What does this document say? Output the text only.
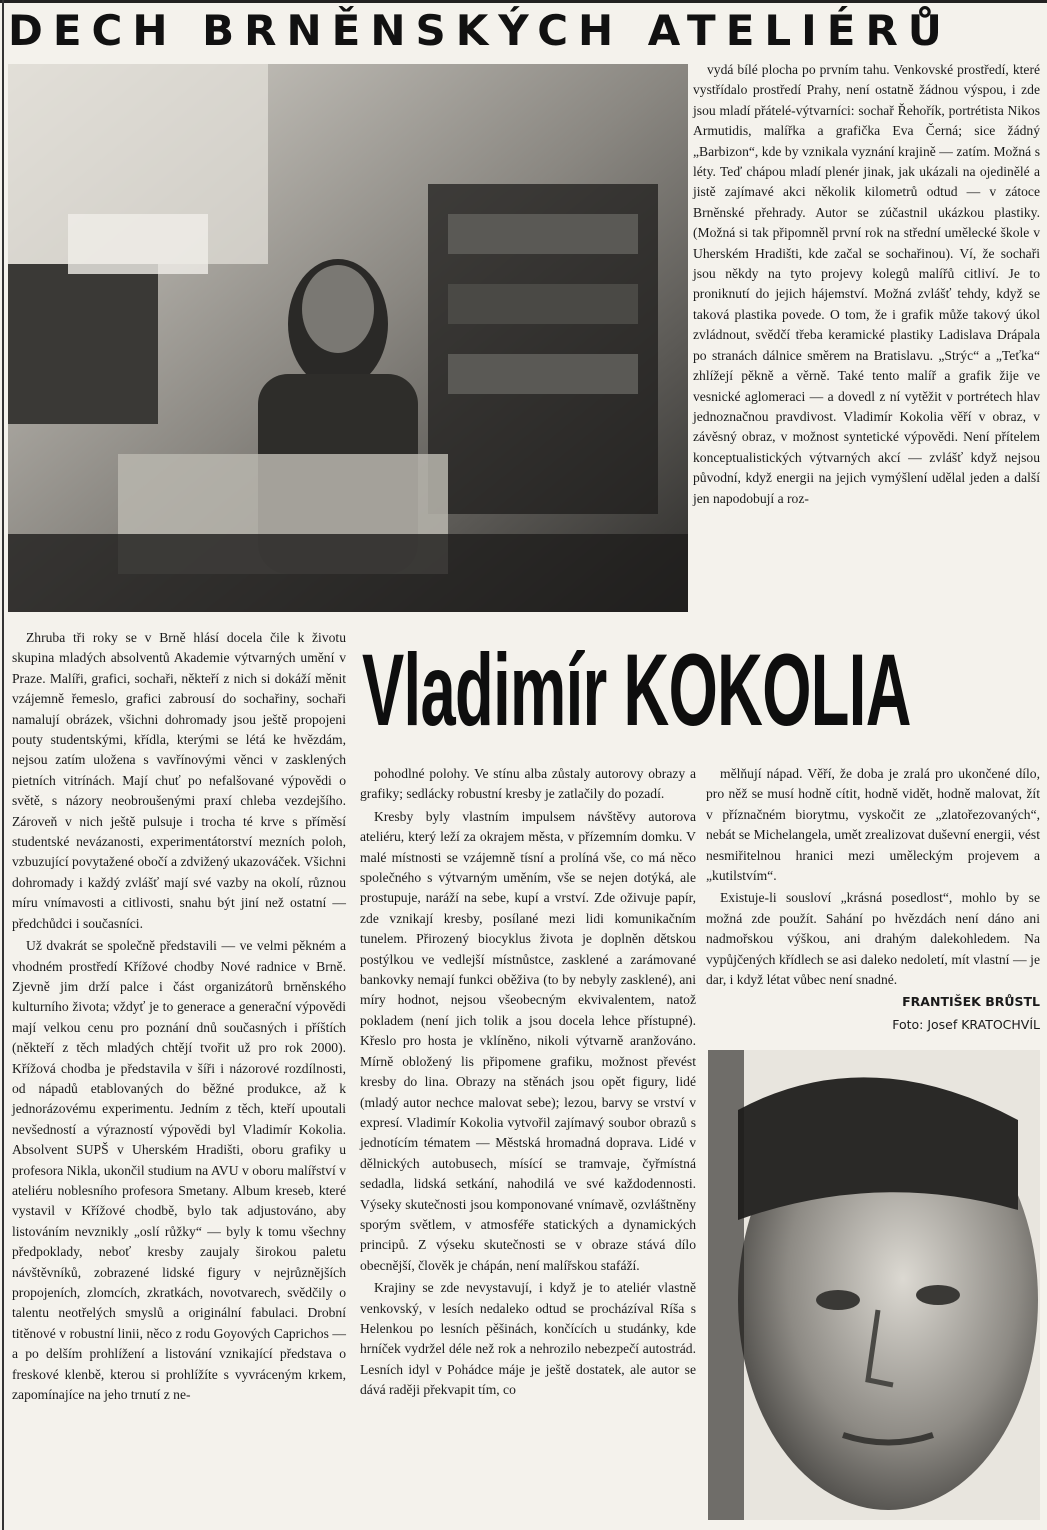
DECH BRNĚNSKÝCH ATELIÉRŮ

vydá bílé plocha po prvním tahu. Venkovské prostředí, které vystřídalo prostředí Prahy, není ostatně žádnou výspou, i zde jsou mladí přátelé-výtvarníci: sochař Řehořík, portrétista Nikos Armutidis, malířka a grafička Eva Černá; sice žádný „Barbizon“, kde by vznikala vyznání krajině — zatím. Možná s léty. Teď chápou mladí plenér jinak, jak ukázali na ojedinělé a jistě zajímavé akci několik kilometrů odtud — v zátoce Brněnské přehrady. Autor se zúčastnil ukázkou plastiky. (Možná si tak připomněl první rok na střední umělecké škole v Uherském Hradišti, kde začal se sochařinou). Ví, že sochaři jsou někdy na tyto projevy kolegů malířů citliví. Je to proniknutí do jejich hájemství. Možná zvlášť tehdy, když se taková plastika povede. O tom, že i grafik může takový úkol zvládnout, svědčí třeba keramické plastiky Ladislava Drápala po stranách dálnice směrem na Bratislavu. „Strýc“ a „Teťka“ zhlížejí pěkně a věrně. Také tento malíř a grafik žije ve vesnické aglomeraci — a dovedl z ní vytěžit v portrétech hlav jednoznačnou pravdivost. Vladimír Kokolia věří v obraz, v závěsný obraz, v možnost syntetické výpovědi. Není přítelem konceptualistických výtvarných akcí — zvlášť když nejsou původní, když energii na jejich vymýšlení udělal jeden a další jen napodobují a roz-

Vladimír KOKOLIA

Zhruba tři roky se v Brně hlásí docela čile k životu skupina mladých absolventů Akademie výtvarných umění v Praze. Malíři, grafici, sochaři, někteří z nich si dokáží měnit vzájemně řemeslo, grafici zabrousí do sochařiny, sochaři namalují obrázek, všichni dohromady jsou ještě propojeni pouty studentskými, křídla, kterými se létá ke hvězdám, nejsou zatím uložena s vavřínovými věnci v zasklených pietních vitrínách. Mají chuť po nefalšované výpovědi o světě, s názory neobroušenými praxí chleba vezdejšího. Zároveň v nich ještě pulsuje i trocha té krve s příměsí studentské nevázanosti, experimentátorství mezních poloh, vzbuzující povytažené obočí a zdvižený ukazováček. Všichni dohromady i každý zvlášť mají své vazby na okolí, různou míru vnímavosti a citlivosti, snahu být jiní než ostatní — předchůdci i současníci.

Už dvakrát se společně představili — ve velmi pěkném a vhodném prostředí Křížové chodby Nové radnice v Brně. Zjevně jim drží palce i část organizátorů brněnského kulturního života; vždyť je to generace a generační výpovědi mají velkou cenu pro poznání dnů současných i příštích (někteří z těch mladých chtějí tvořit už pro rok 2000). Křížová chodba je představila v šíři i názorové rozdílnosti, od nápadů etablovaných do běžné produkce, až k jednorázovému experimentu. Jedním z těch, kteří upoutali nevšedností a výrazností výpovědi byl Vladimír Kokolia. Absolvent SUPŠ v Uherském Hradišti, oboru grafiky u profesora Nikla, ukončil studium na AVU v oboru malířství v ateliéru noblesního profesora Smetany. Album kreseb, které vystavil v Křížové chodbě, bylo tak adjustováno, aby listováním nevznikly „oslí růžky“ — byly k tomu všechny předpoklady, neboť kresby zaujaly širokou paletu návštěvníků, zobrazené lidské figury v nejrůznějších propojeních, zlomcích, zkratkách, novotvarech, svědčily o talentu neotřelých smyslů a originální fabulaci. Drobní titěnové v robustní linii, něco z rodu Goyových Caprichos — a po delším prohlížení a listování vznikající představa o freskové klenbě, kterou si prohlížíte s vyvráceným krkem, zapomínajíce na jeho trnutí z ne-

pohodlné polohy. Ve stínu alba zůstaly autorovy obrazy a grafiky; sedlácky robustní kresby je zatlačily do pozadí.

Kresby byly vlastním impulsem návštěvy autorova ateliéru, který leží za okrajem města, v přízemním domku. V malé místnosti se vzájemně tísní a prolíná vše, co má něco společného s výtvarným uměním, vše se nejen dotýká, ale prostupuje, naráží na sebe, kupí a vrství. Zde oživuje papír, zde vznikají kresby, posílané mezi lidi komunikačním tunelem. Přirozený biocyklus života je doplněn dětskou postýlkou ve vedlejší místnůstce, zasklené a zarámované bankovky nemají funkci oběživa (to by nebyly zasklené), ani míry hodnot, nejsou všeobecným ekvivalentem, natož pokladem (není jich tolik a jsou docela lehce přístupné). Křeslo pro hosta je vklíněno, nikoli výtvarně aranžováno. Mírně obložený lis připomene grafiku, možnost převést kresby do lina. Obrazy na stěnách jsou opět figury, lidé (mladý autor nechce malovat sebe); lezou, barvy se vrství v expresí. Vladimír Kokolia vytvořil zajímavý soubor obrazů s jednotícím tématem — Městská hromadná doprava. Lidé v dělnických autobusech, mísící se tramvaje, čyřmístná sedadla, lidská setkání, nahodilá ve své každodennosti. Výseky skutečnosti jsou komponované vnímavě, ozvláštněny sporým světlem, v atmosféře statických a dynamických principů. Z výseku skutečnosti se v obraze stává dílo obecnější, člověk je chápán, není malířskou stafáží.

Krajiny se zde nevystavují, i když je to ateliér vlastně venkovský, v lesích nedaleko odtud se procházíval Ríša s Helenkou po lesních pěšinách, končících u studánky, kde hrníček vydržel déle než rok a nehrozilo nebezpečí autostrád. Lesních idyl v Pohádce máje je ještě dostatek, ale autor se dává raději překvapit tím, co

mělňují nápad. Věří, že doba je zralá pro ukončené dílo, pro něž se musí hodně cítit, hodně vidět, hodně malovat, žít v příznačném biorytmu, vyskočit ze „zlatořezovaných“, nebát se Michelangela, umět zrealizovat duševní energii, vést nesmiřitelnou hranici mezi uměleckým projevem a „kutilstvím“.

Existuje-li sousloví „krásná posedlost“, mohlo by se možná zde použít. Sahání po hvězdách není dáno ani nadmořskou výškou, ani drahým dalekohledem. Na vypůjčených křídlech se asi daleko nedoletí, mít vlastní — je dar, i když létat vůbec není snadné.

FRANTIŠEK BRŮSTL

Foto: Josef KRATOCHVÍL
